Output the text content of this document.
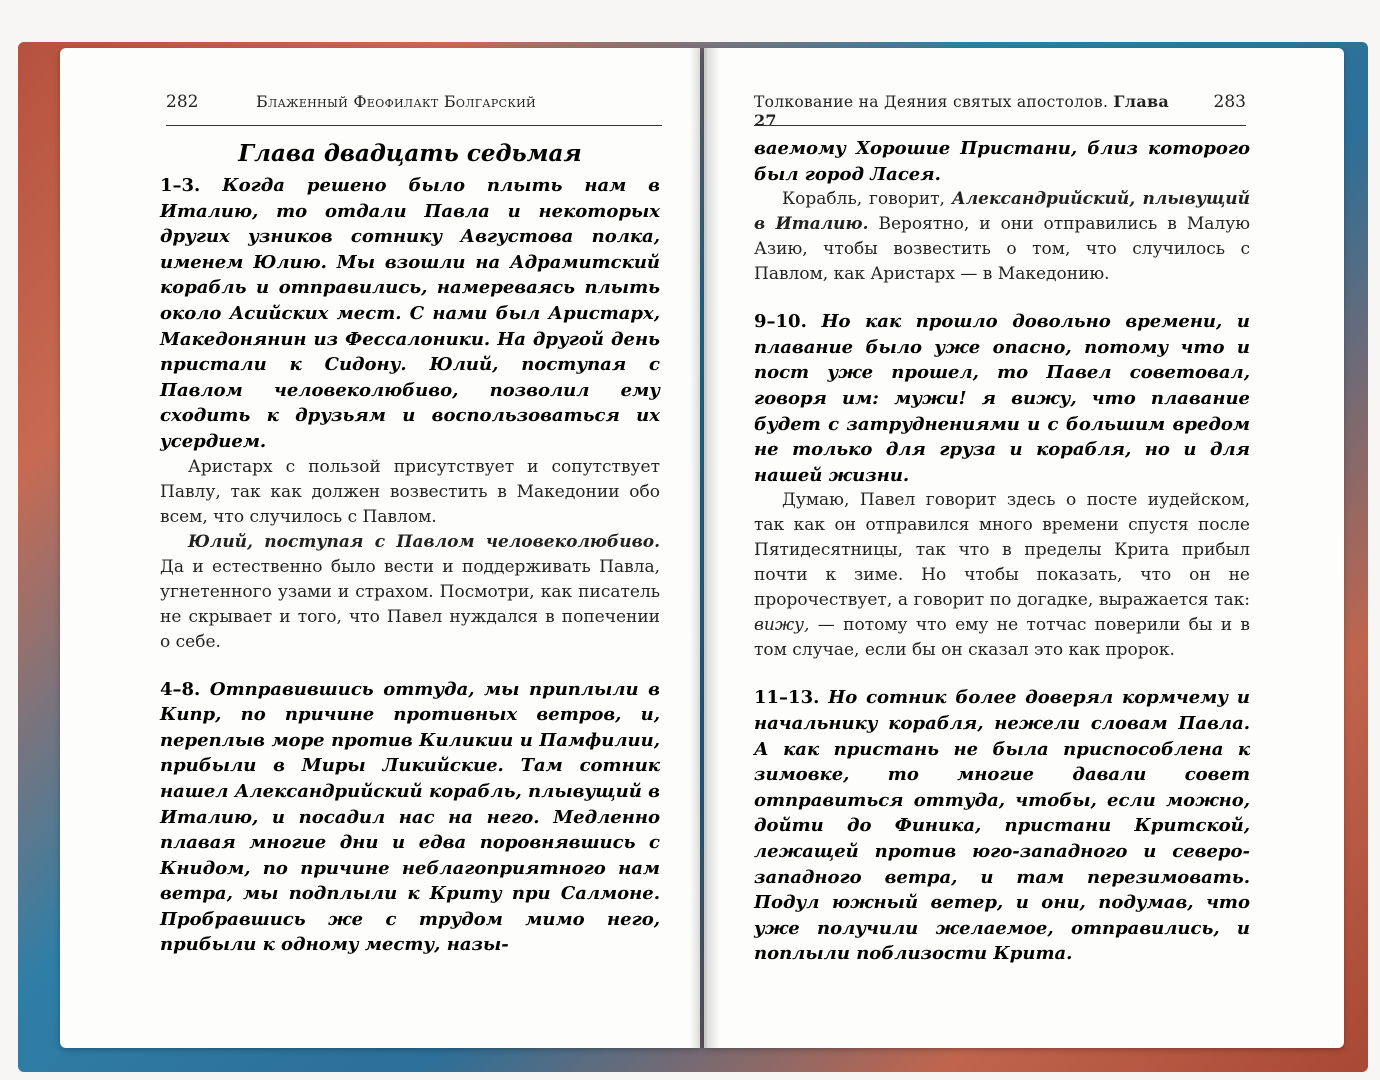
282	Блаженный Феофилакт Болгарский
Глава двадцать седьмая

1–3. Когда решено было плыть нам в Италию, то отдали Павла и некоторых других узников сотнику Августова полка, именем Юлию. Мы взошли на Адрамитский корабль и отправились, намереваясь плыть около Асийских мест. С нами был Аристарх, Македонянин из Фессалоники. На другой день пристали к Сидону. Юлий, поступая с Павлом человеколюбиво, позволил ему сходить к друзьям и воспользоваться их усердием.

Аристарх с пользой присутствует и сопутствует Павлу, так как должен возвестить в Македонии обо всем, что случилось с Павлом.

Юлий, поступая с Павлом человеколюбиво. Да и естественно было вести и поддерживать Павла, угнетенного узами и страхом. Посмотри, как писатель не скрывает и того, что Павел нуждался в попечении о себе.

4–8. Отправившись оттуда, мы приплыли в Кипр, по причине противных ветров, и, переплыв море против Киликии и Памфилии, прибыли в Миры Ликийские. Там сотник нашел Александрийский корабль, плывущий в Италию, и посадил нас на него. Медленно плавая многие дни и едва поровнявшись с Книдом, по причине неблагоприятного нам ветра, мы подплыли к Криту при Салмоне. Пробравшись же с трудом мимо него, прибыли к одному месту, назы-

Толкование на Деяния святых апостолов. Глава 27
283

ваемому Хорошие Пристани, близ которого был город Ласея.

Корабль, говорит, Александрийский, плывущий в Италию. Вероятно, и они отправились в Малую Азию, чтобы возвестить о том, что случилось с Павлом, как Аристарх — в Македонию.

9–10. Но как прошло довольно времени, и плавание было уже опасно, потому что и пост уже прошел, то Павел советовал, говоря им: мужи! я вижу, что плавание будет с затруднениями и с большим вредом не только для груза и корабля, но и для нашей жизни.

Думаю, Павел говорит здесь о посте иудейском, так как он отправился много времени спустя после Пятидесятницы, так что в пределы Крита прибыл почти к зиме. Но чтобы показать, что он не пророчествует, а говорит по догадке, выражается так: вижу, — потому что ему не тотчас поверили бы и в том случае, если бы он сказал это как пророк.

11–13. Но сотник более доверял кормчему и начальнику корабля, нежели словам Павла. А как пристань не была приспособлена к зимовке, то многие давали совет отправиться оттуда, чтобы, если можно, дойти до Финика, пристани Критской, лежащей против юго-западного и северо-западного ветра, и там перезимовать. Подул южный ветер, и они, подумав, что уже получили желаемое, отправились, и поплыли поблизости Крита.
